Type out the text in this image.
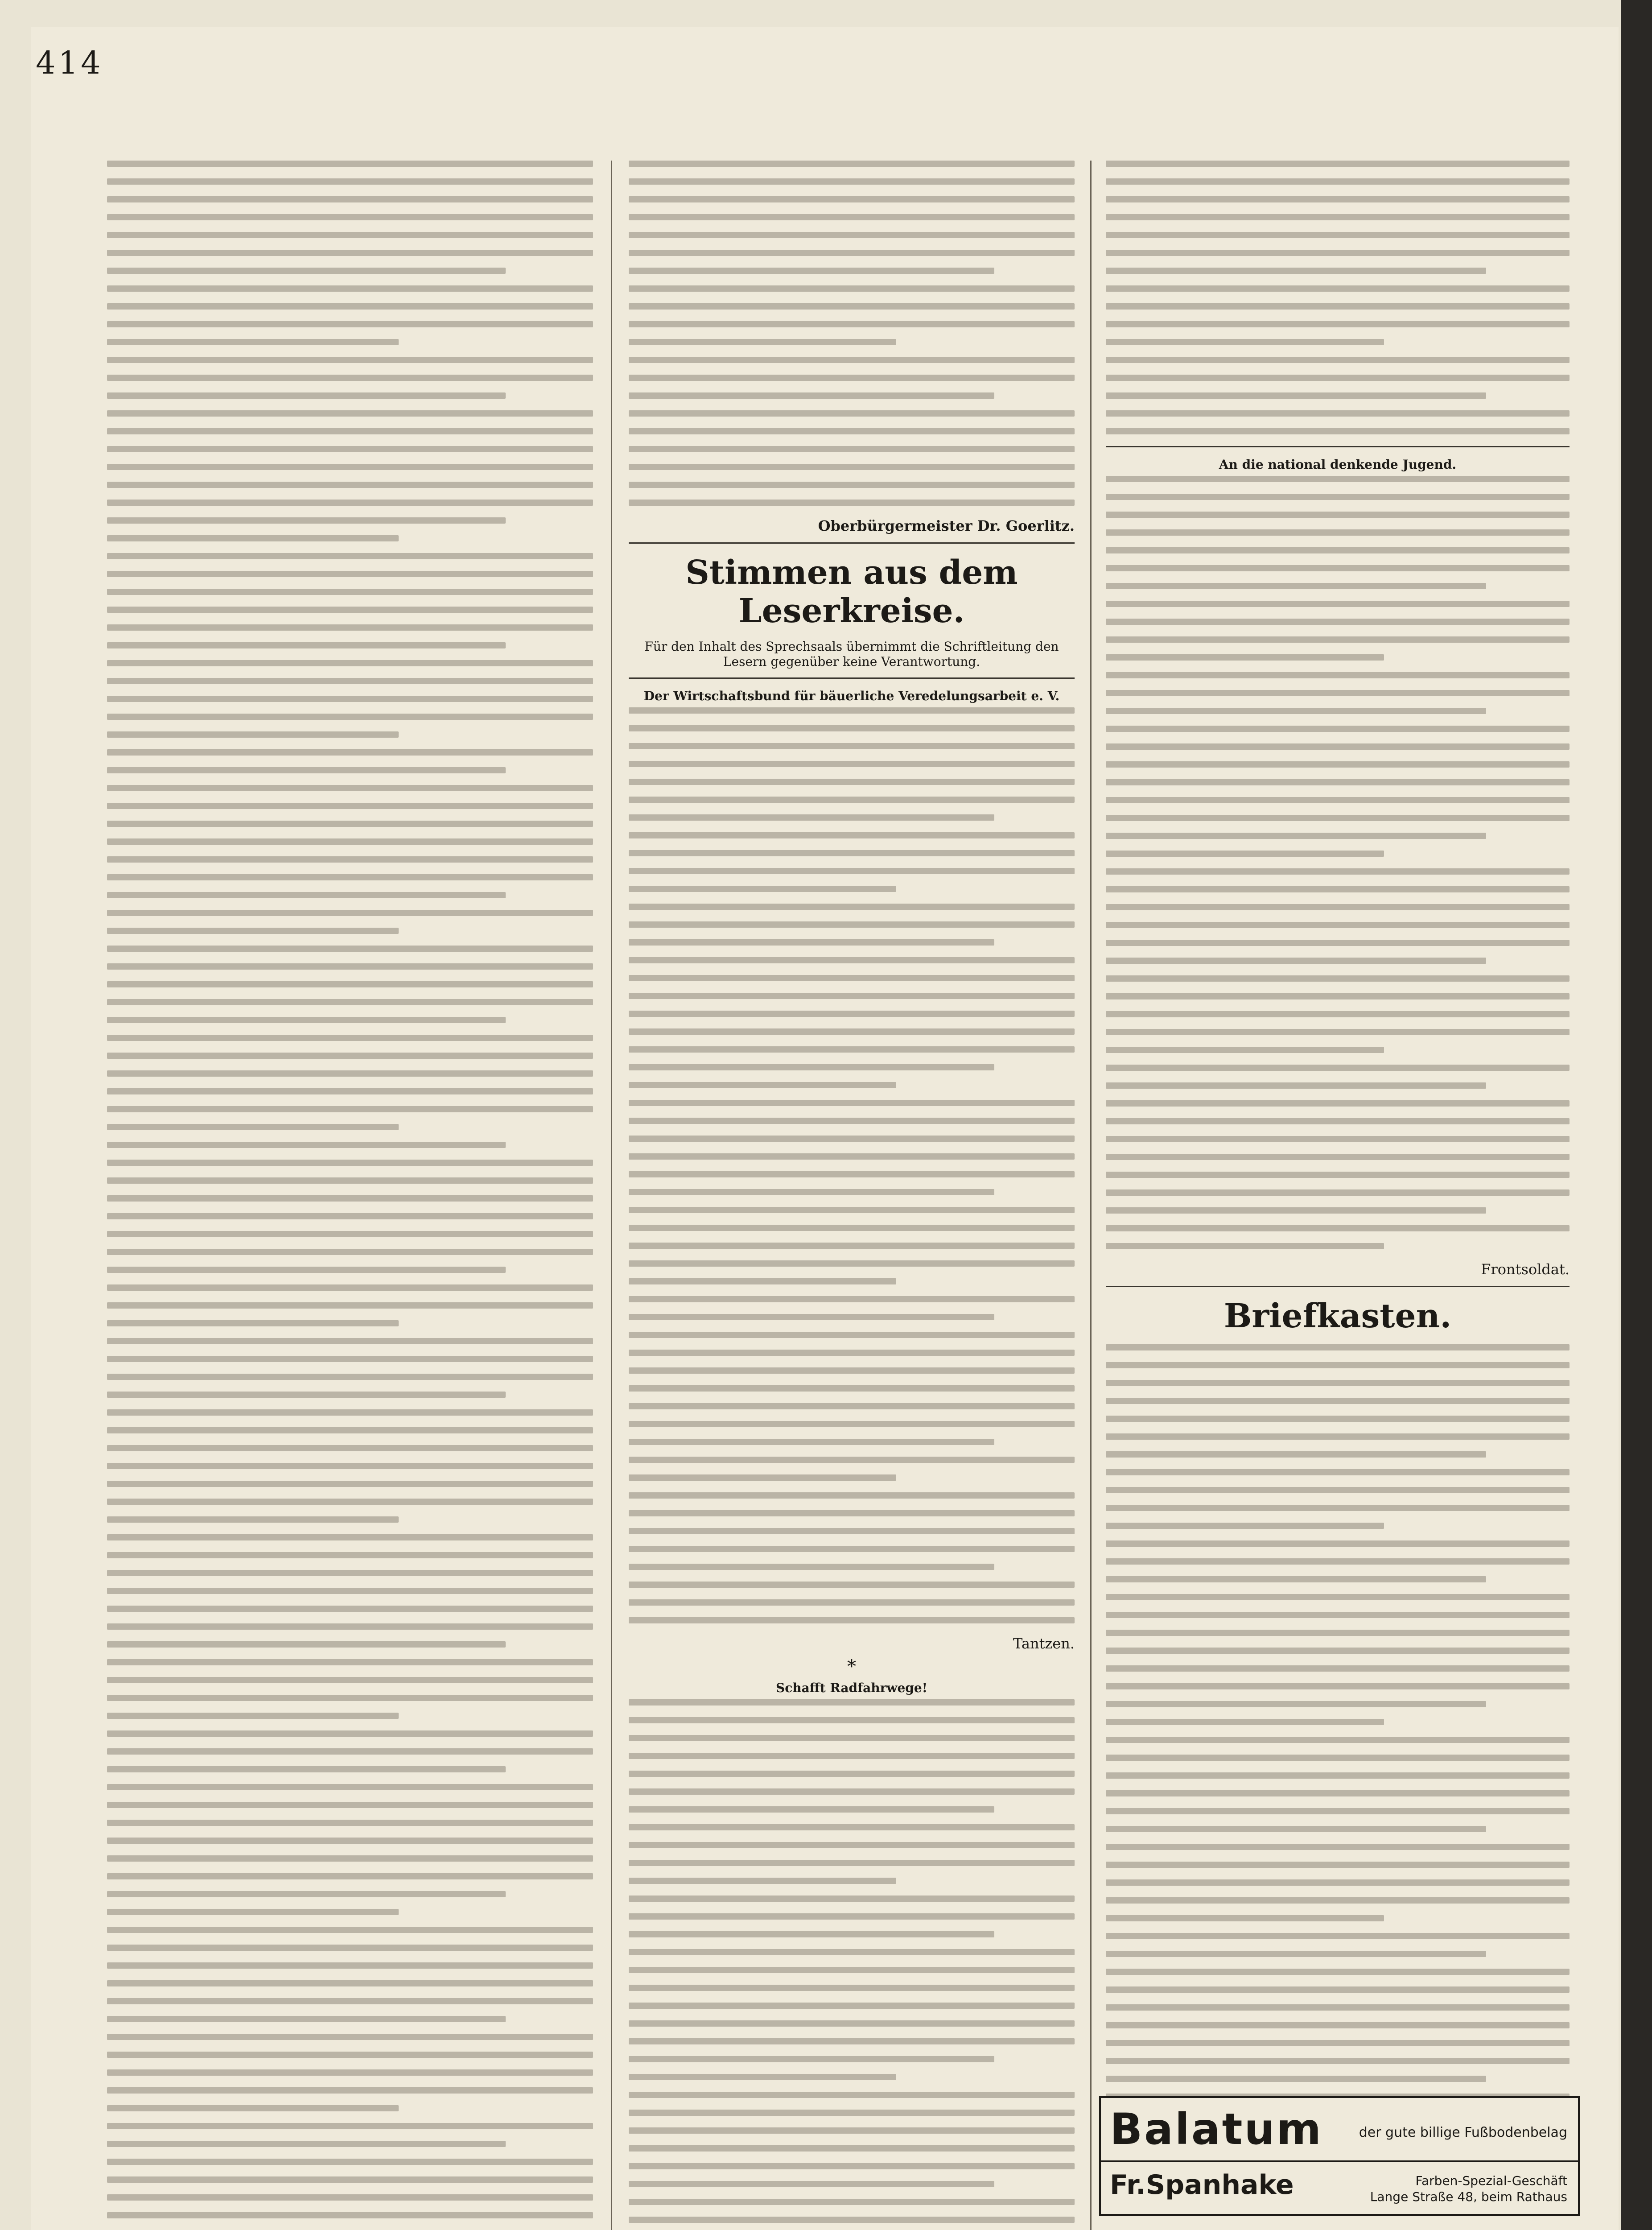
414
Oberbürgermeister Dr. Goerlitz.
Stimmen aus dem Leserkreise.
Für den Inhalt des Sprechsaals übernimmt die Schriftleitung den Lesern gegenüber keine Verantwortung.
Der Wirtschaftsbund für bäuerliche Veredelungsarbeit e. V.
Tantzen.
*
Schafft Radfahrwege!
An die national denkende Jugend.
Frontsoldat.
Briefkasten.
Balatum	der gute billige Fußbodenbelag
Fr.Spanhake	Farben-Spezial-Geschäft
Lange Straße 48, beim Rathaus
